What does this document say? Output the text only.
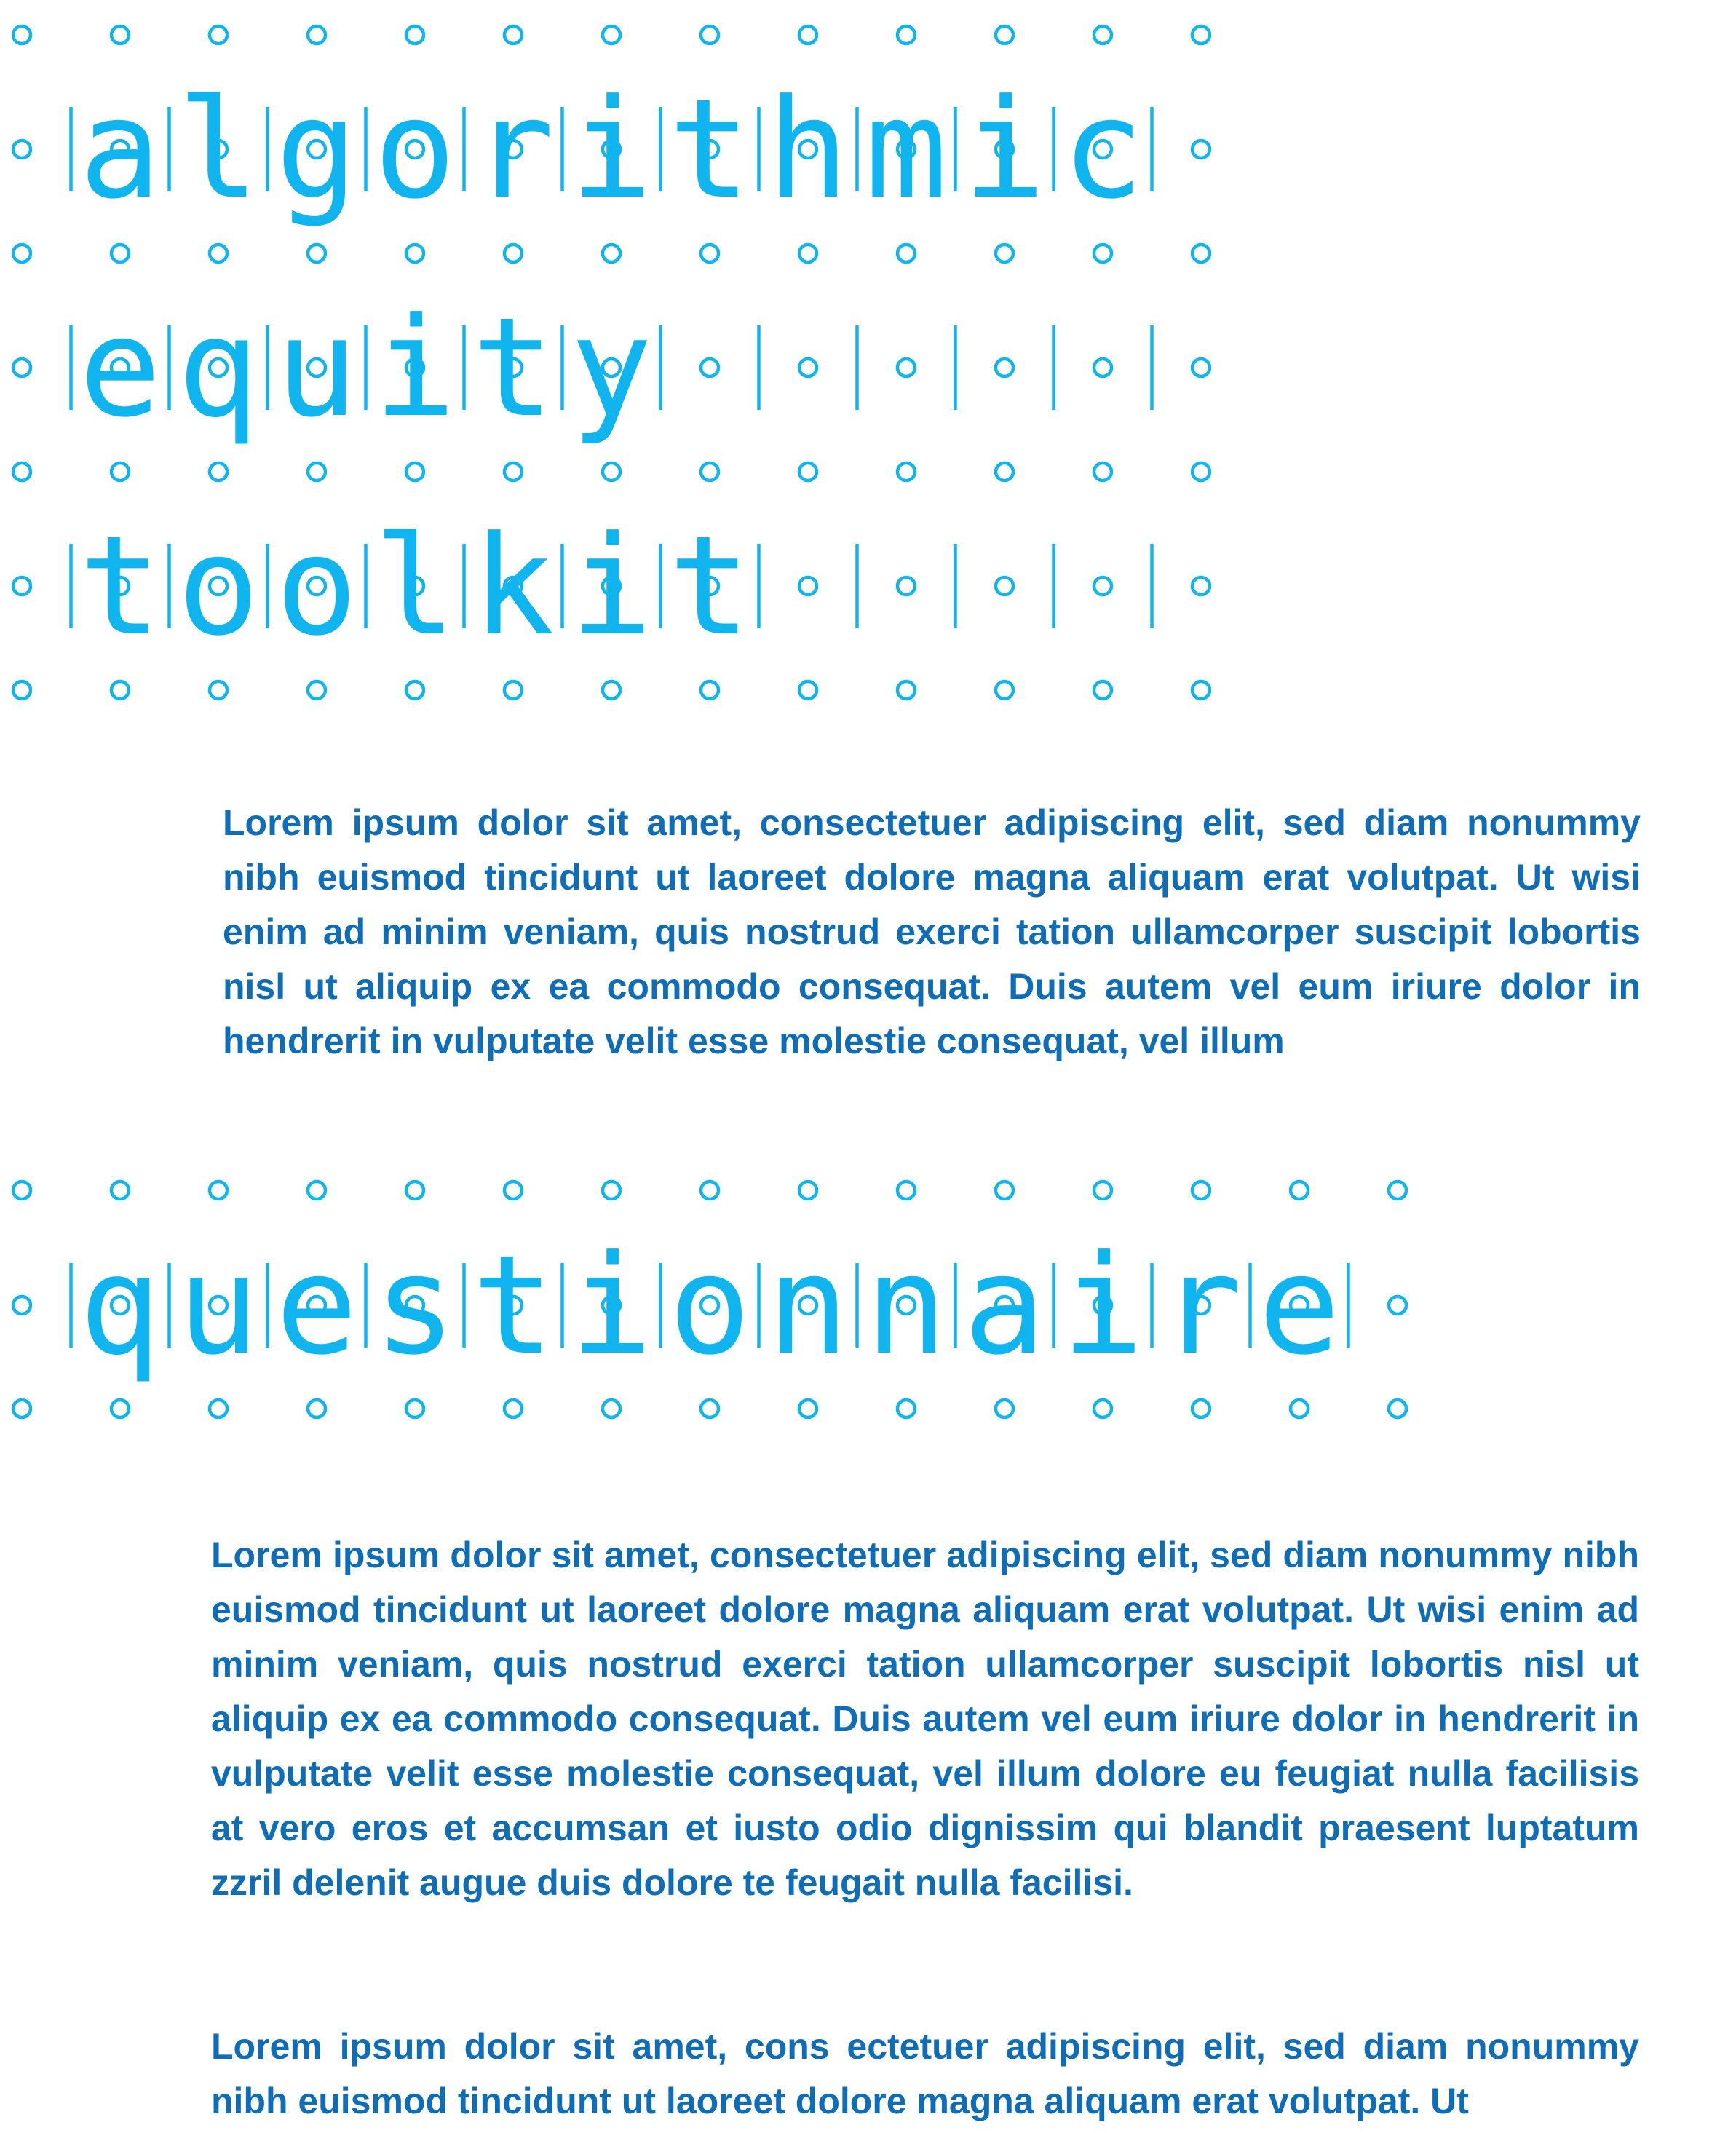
algorithmic
equity
toolkit

Lorem ipsum dolor sit amet, consectetuer adipiscing elit, sed diam nonummy nibh euismod tincidunt ut laoreet dolore magna aliquam erat volutpat. Ut wisi enim ad minim veniam, quis nostrud exerci tation ullamcorper suscipit lobortis nisl ut aliquip ex ea commodo consequat. Duis autem vel eum iriure dolor in hendrerit in vulputate velit esse molestie consequat, vel illum

questionnaire

Lorem ipsum dolor sit amet, consectetuer adipiscing elit, sed diam nonummy nibh euismod tincidunt ut laoreet dolore magna aliquam erat volutpat. Ut wisi enim ad minim veniam, quis nostrud exerci tation ullamcorper suscipit lobortis nisl ut aliquip ex ea commodo consequat. Duis autem vel eum iriure dolor in hendrerit in vulputate velit esse molestie consequat, vel illum dolore eu feugiat nulla facilisis at vero eros et accumsan et iusto odio dignissim qui blandit praesent luptatum zzril delenit augue duis dolore te feugait nulla facilisi.

Lorem ipsum dolor sit amet, cons ectetuer adipiscing elit, sed diam nonummy nibh euismod tincidunt ut laoreet dolore magna aliquam erat volutpat. Ut
